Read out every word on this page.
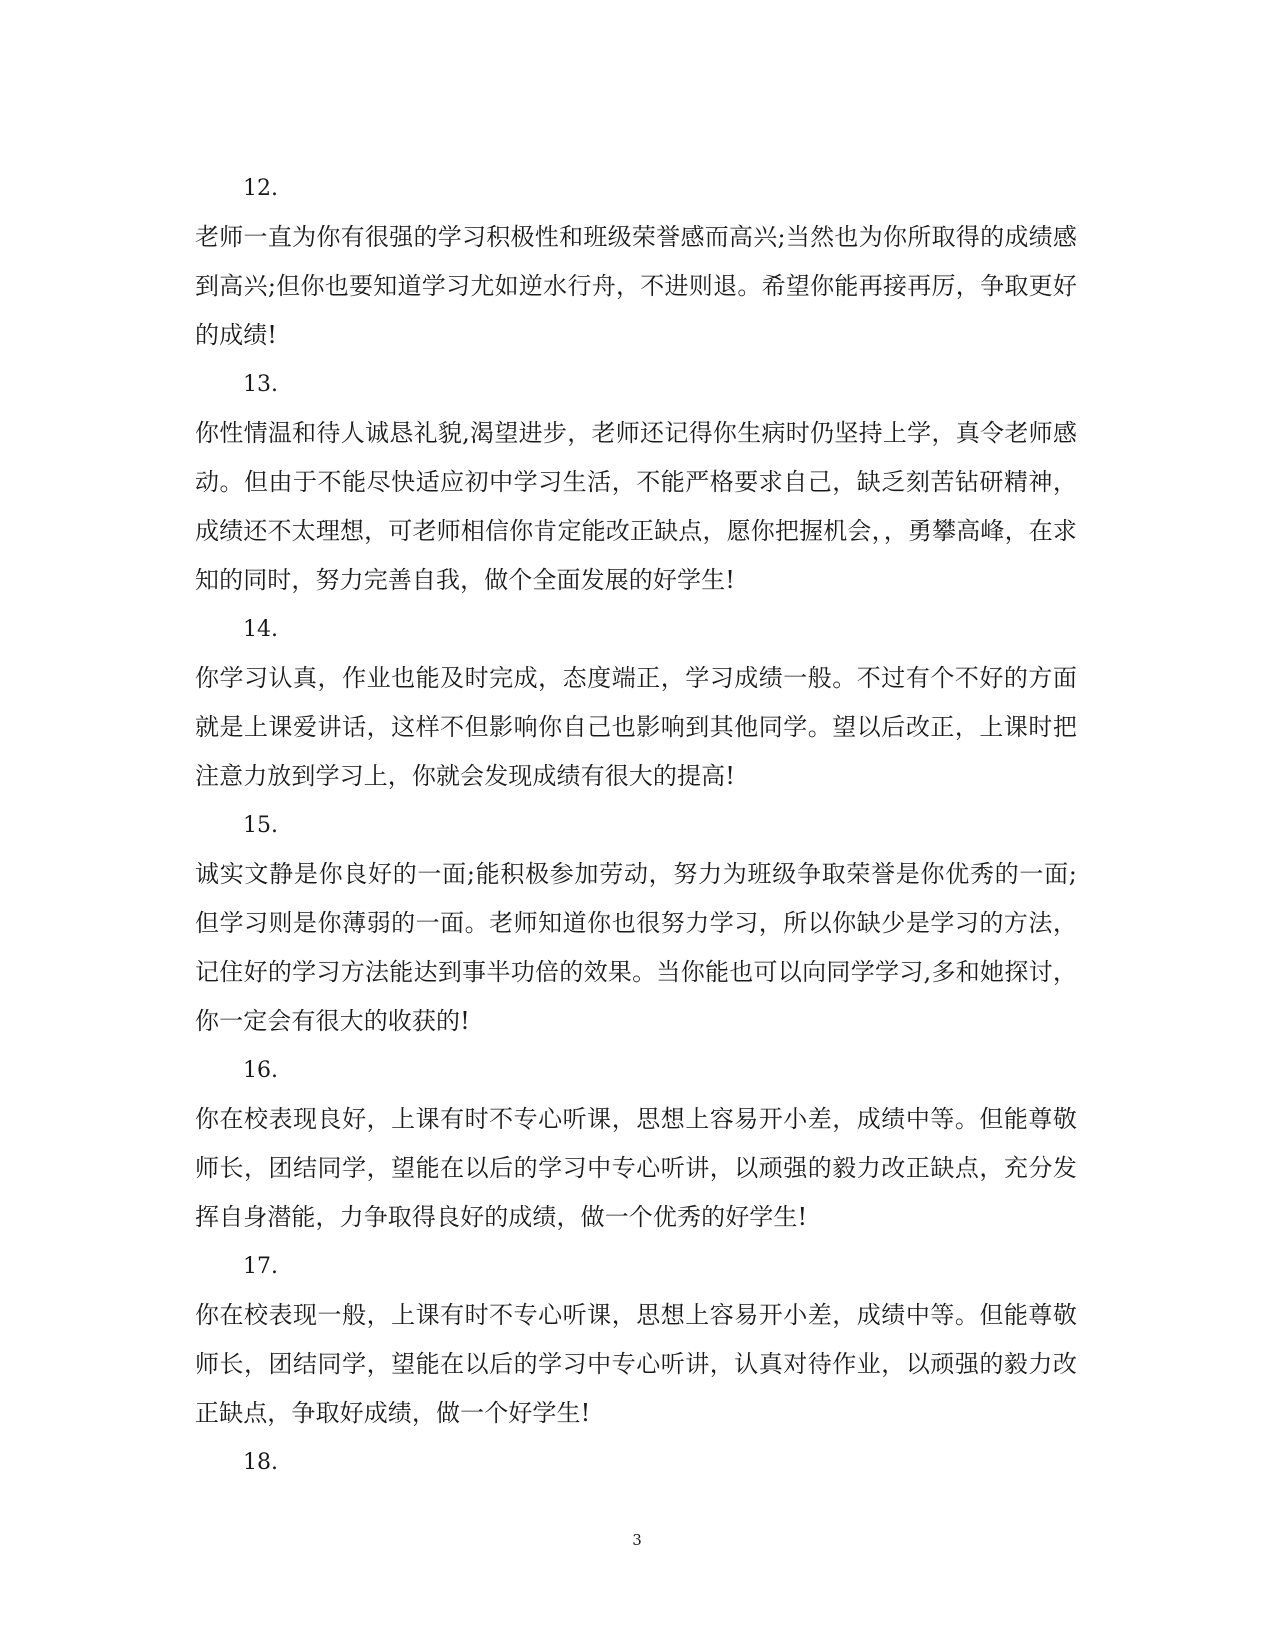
12.

老师一直为你有很强的学习积极性和班级荣誉感而高兴;当然也为你所取得的成绩感到高兴;但你也要知道学习尤如逆水行舟，不进则退。希望你能再接再厉，争取更好的成绩!

13.

你性情温和待人诚恳礼貌,渴望进步，老师还记得你生病时仍坚持上学，真令老师感动。但由于不能尽快适应初中学习生活，不能严格要求自己，缺乏刻苦钻研精神，成绩还不太理想，可老师相信你肯定能改正缺点，愿你把握机会，，勇攀高峰，在求知的同时，努力完善自我，做个全面发展的好学生!

14.

你学习认真，作业也能及时完成，态度端正，学习成绩一般。不过有个不好的方面就是上课爱讲话，这样不但影响你自己也影响到其他同学。望以后改正，上课时把注意力放到学习上，你就会发现成绩有很大的提高!

15.

诚实文静是你良好的一面;能积极参加劳动，努力为班级争取荣誉是你优秀的一面;但学习则是你薄弱的一面。老师知道你也很努力学习，所以你缺少是学习的方法，记住好的学习方法能达到事半功倍的效果。当你能也可以向同学学习,多和她探讨，你一定会有很大的收获的!

16.

你在校表现良好，上课有时不专心听课，思想上容易开小差，成绩中等。但能尊敬师长，团结同学，望能在以后的学习中专心听讲，以顽强的毅力改正缺点，充分发挥自身潜能，力争取得良好的成绩，做一个优秀的好学生!

17.

你在校表现一般，上课有时不专心听课，思想上容易开小差，成绩中等。但能尊敬师长，团结同学，望能在以后的学习中专心听讲，认真对待作业，以顽强的毅力改正缺点，争取好成绩，做一个好学生!

18.

3
